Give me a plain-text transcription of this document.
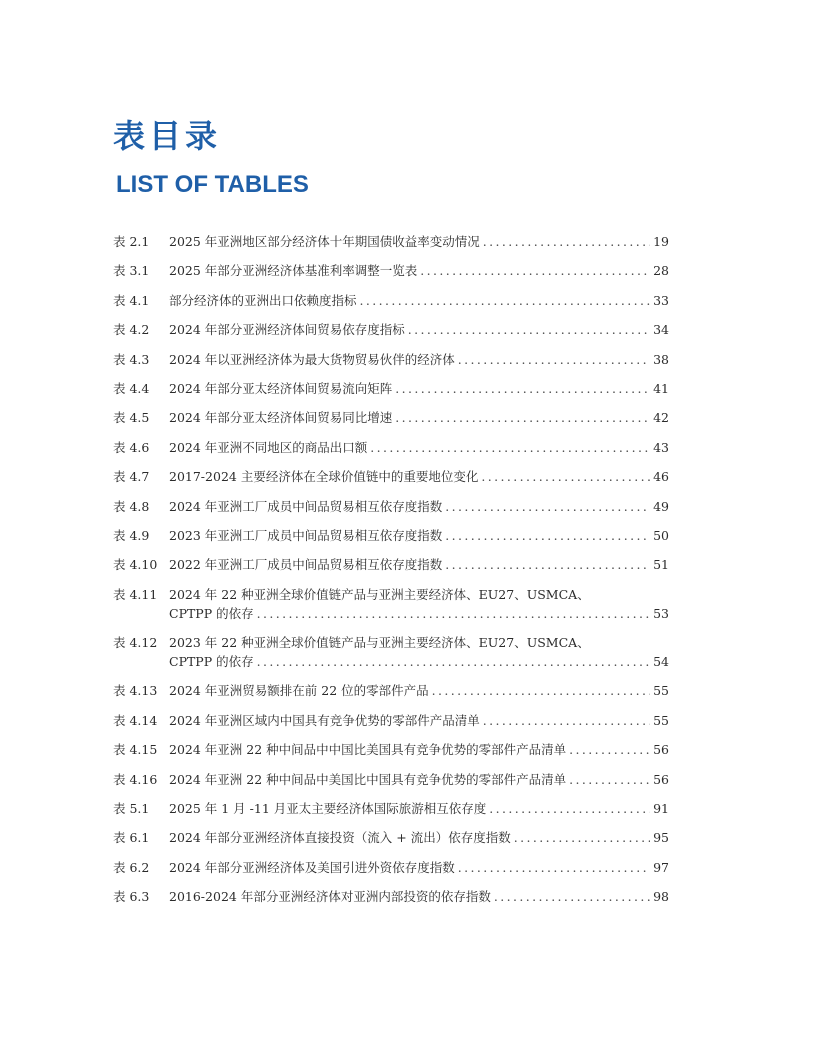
表目录
LIST OF TABLES
表 2.1	2025 年亚洲地区部分经济体十年期国债收益率变动情况 .....	19
表 3.1	2025 年部分亚洲经济体基准利率调整一览表 .....	28
表 4.1	部分经济体的亚洲出口依赖度指标 .....	33
表 4.2	2024 年部分亚洲经济体间贸易依存度指标 .....	34
表 4.3	2024 年以亚洲经济体为最大货物贸易伙伴的经济体 .....	38
表 4.4	2024 年部分亚太经济体间贸易流向矩阵 .....	41
表 4.5	2024 年部分亚太经济体间贸易同比增速 .....	42
表 4.6	2024 年亚洲不同地区的商品出口额 .....	43
表 4.7	2017-2024 主要经济体在全球价值链中的重要地位变化 .....	46
表 4.8	2024 年亚洲工厂成员中间品贸易相互依存度指数 .....	49
表 4.9	2023 年亚洲工厂成员中间品贸易相互依存度指数 .....	50
表 4.10 2022 年亚洲工厂成员中间品贸易相互依存度指数 .....	51
表 4.11 2024 年 22 种亚洲全球价值链产品与亚洲主要经济体、EU27、USMCA、
CPTPP 的依存 .....	53
表 4.12 2023 年 22 种亚洲全球价值链产品与亚洲主要经济体、EU27、USMCA、
CPTPP 的依存 .....	54
表 4.13 2024 年亚洲贸易额排在前 22 位的零部件产品 .....	55
表 4.14 2024 年亚洲区域内中国具有竞争优势的零部件产品清单 .....	55
表 4.15 2024 年亚洲 22 种中间品中中国比美国具有竞争优势的零部件产品清单 .....	56
表 4.16 2024 年亚洲 22 种中间品中美国比中国具有竞争优势的零部件产品清单 .....	56
表 5.1	2025 年 1 月 -11 月亚太主要经济体国际旅游相互依存度 .....	91
表 6.1	2024 年部分亚洲经济体直接投资（流入 + 流出）依存度指数 .....	95
表 6.2	2024 年部分亚洲经济体及美国引进外资依存度指数 .....	97
表 6.3	2016-2024 年部分亚洲经济体对亚洲内部投资的依存指数 .....	98
